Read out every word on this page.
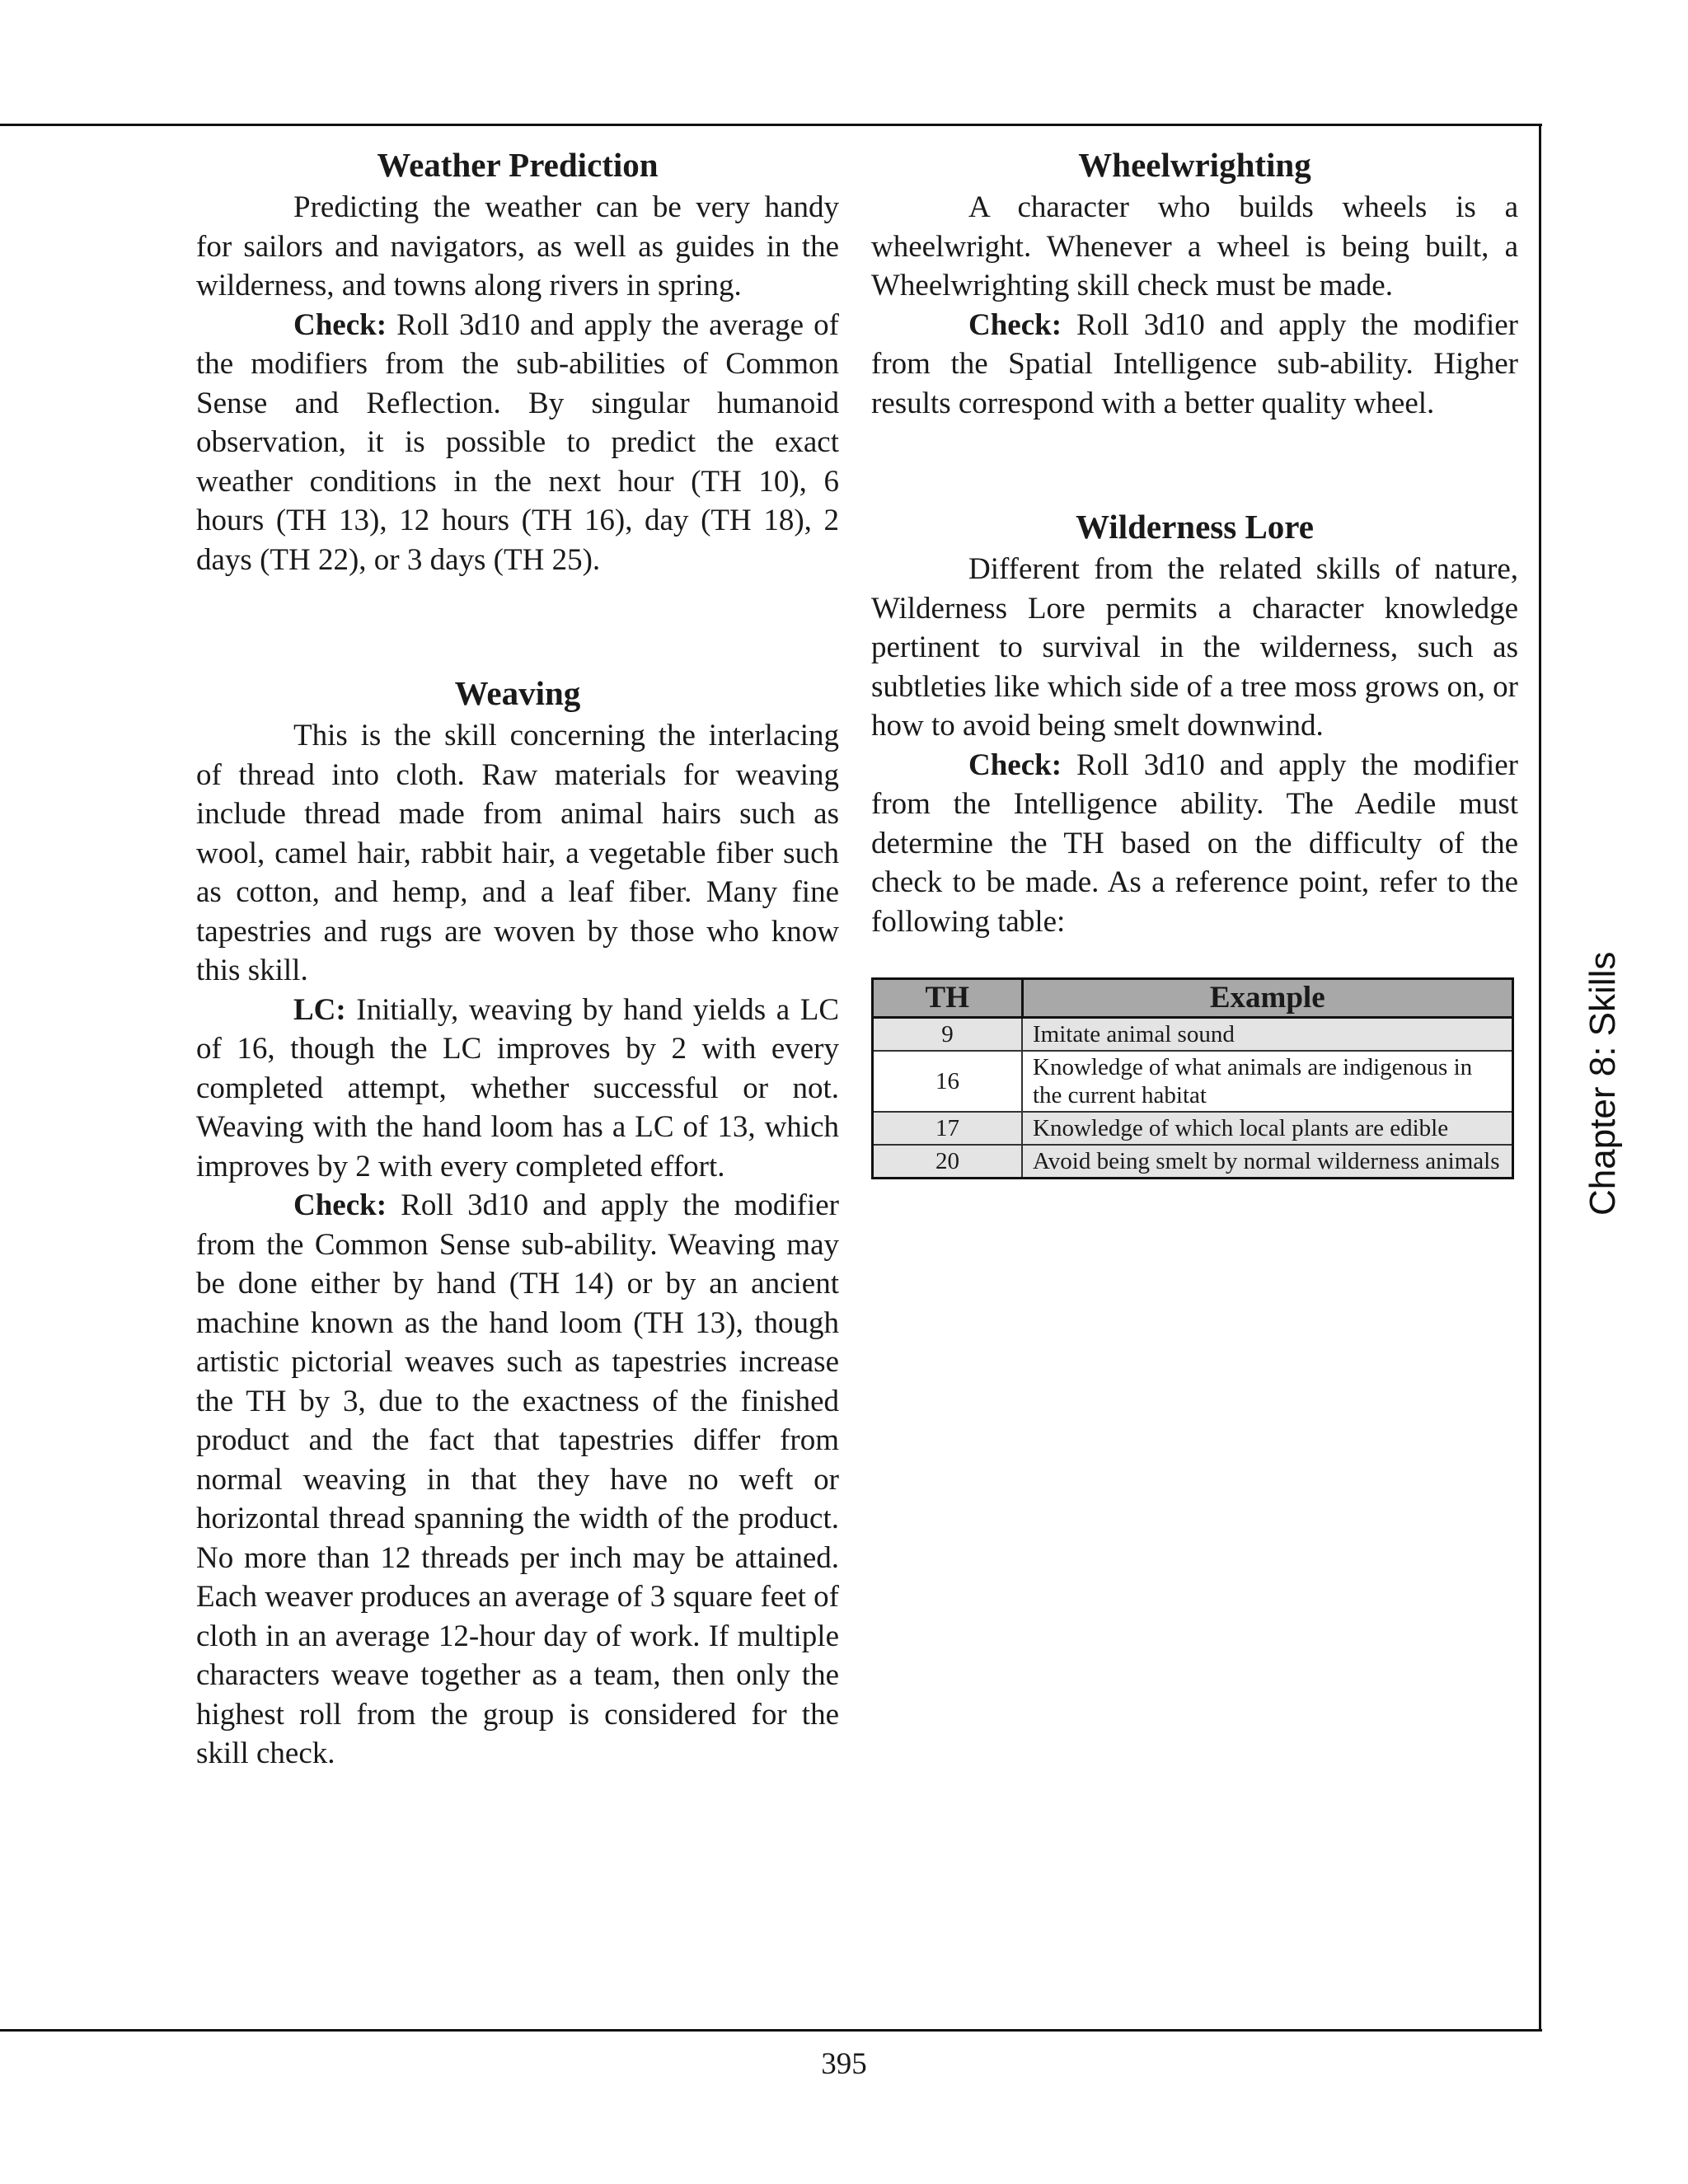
Weather Prediction

Predicting the weather can be very handy for sailors and navigators, as well as guides in the wilderness, and towns along rivers in spring.

Check: Roll 3d10 and apply the average of the modifiers from the sub-abilities of Common Sense and Reflection. By singular humanoid observation, it is possible to predict the exact weather conditions in the next hour (TH 10), 6 hours (TH 13), 12 hours (TH 16), day (TH 18), 2 days (TH 22), or 3 days (TH 25).

Weaving

This is the skill concerning the interlacing of thread into cloth. Raw materials for weaving include thread made from animal hairs such as wool, camel hair, rabbit hair, a vegetable fiber such as cotton, and hemp, and a leaf fiber. Many fine tapestries and rugs are woven by those who know this skill.

LC: Initially, weaving by hand yields a LC of 16, though the LC improves by 2 with every completed attempt, whether successful or not. Weaving with the hand loom has a LC of 13, which improves by 2 with every completed effort.

Check: Roll 3d10 and apply the modifier from the Common Sense sub-ability. Weaving may be done either by hand (TH 14) or by an ancient machine known as the hand loom (TH 13), though artistic pictorial weaves such as tapestries increase the TH by 3, due to the exactness of the finished product and the fact that tapestries differ from normal weaving in that they have no weft or horizontal thread spanning the width of the product. No more than 12 threads per inch may be attained. Each weaver produces an average of 3 square feet of cloth in an average 12-hour day of work. If multiple characters weave together as a team, then only the highest roll from the group is considered for the skill check.

Wheelwrighting

A character who builds wheels is a wheelwright. Whenever a wheel is being built, a Wheelwrighting skill check must be made.

Check: Roll 3d10 and apply the modifier from the Spatial Intelligence sub-ability. Higher results correspond with a better quality wheel.

Wilderness Lore

Different from the related skills of nature, Wilderness Lore permits a character knowledge pertinent to survival in the wilderness, such as subtleties like which side of a tree moss grows on, or how to avoid being smelt downwind.

Check: Roll 3d10 and apply the modifier from the Intelligence ability. The Aedile must determine the TH based on the difficulty of the check to be made. As a reference point, refer to the following table:

TH	Example
9	Imitate animal sound
16	Knowledge of what animals are indigenous in the current habitat
17	Knowledge of which local plants are edible
20	Avoid being smelt by normal wilderness animals Chapter 8: Skills
395
